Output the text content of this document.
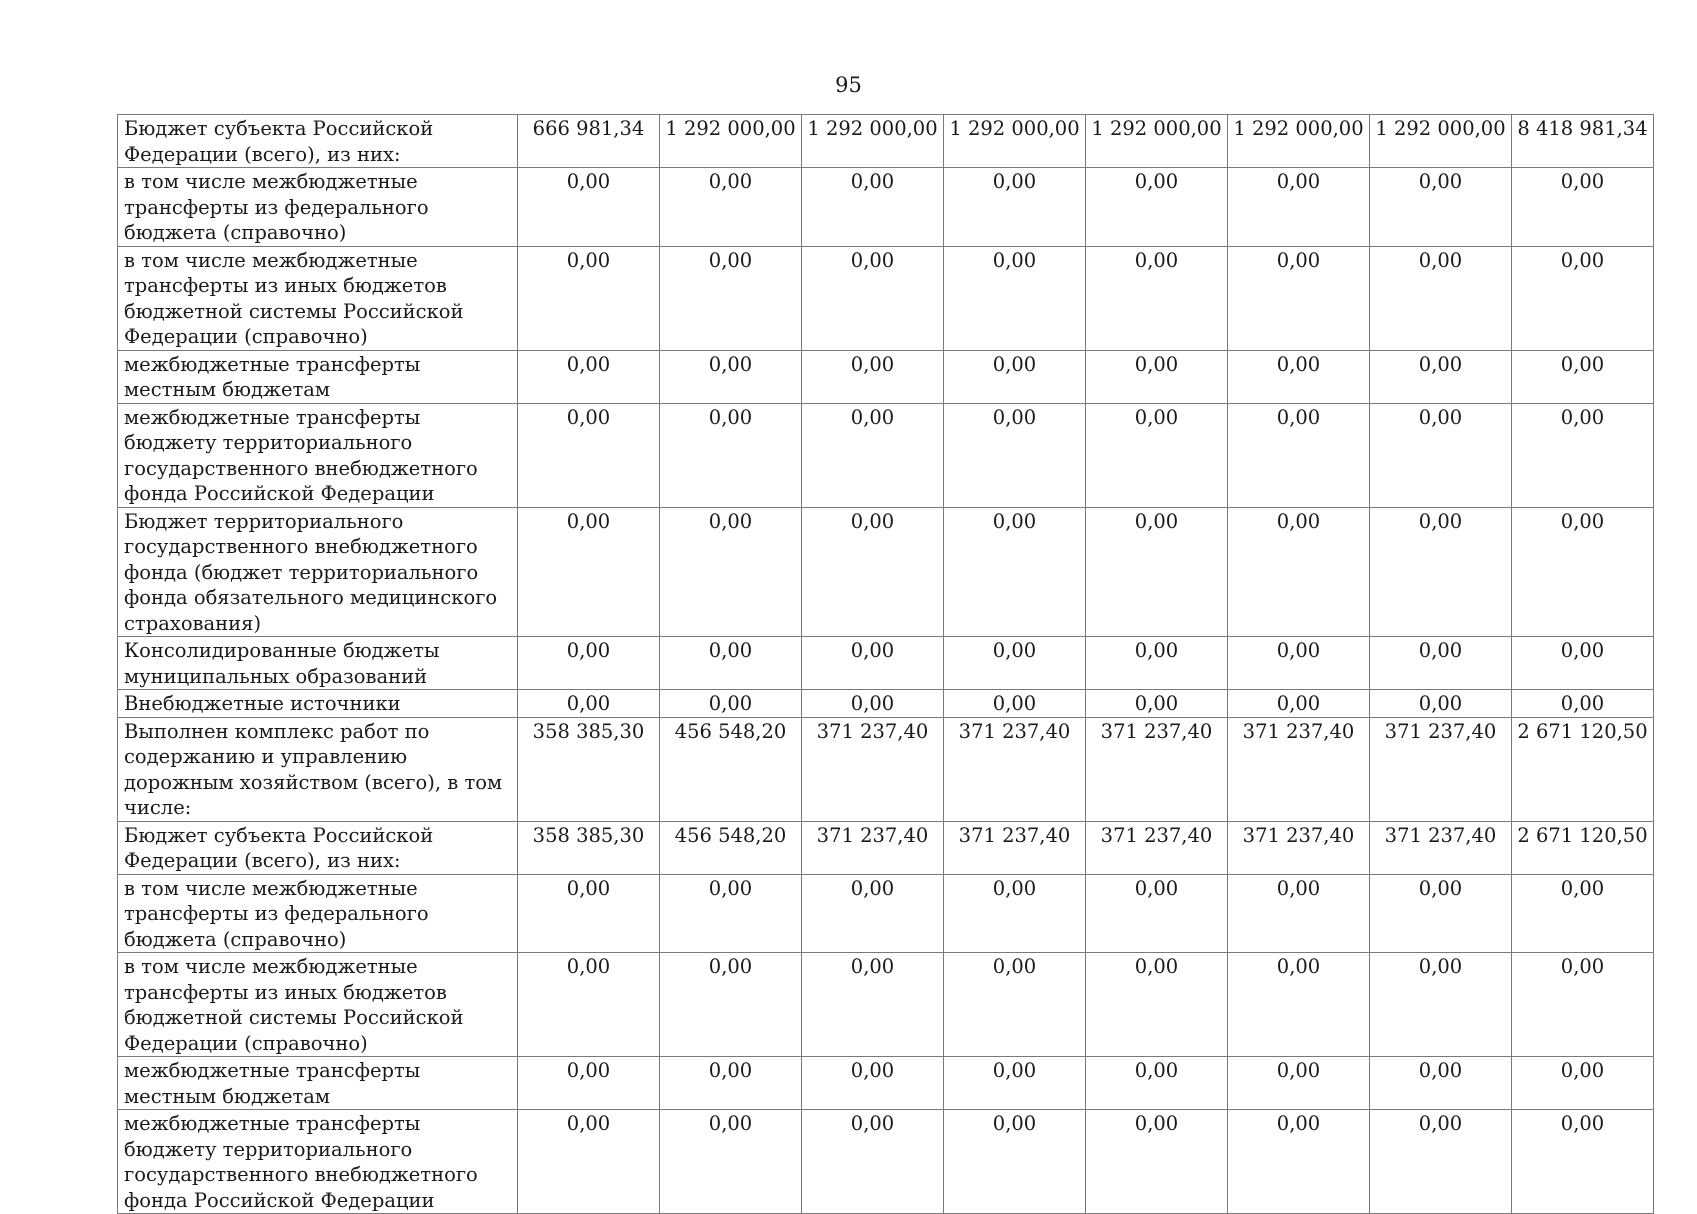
95
Бюджет субъекта Российской Федерации (всего), из них:	666 981,34	1 292 000,00	1 292 000,00	1 292 000,00	1 292 000,00	1 292 000,00	1 292 000,00	8 418 981,34
в том числе межбюджетные трансферты из федерального бюджета (справочно)	0,00	0,00	0,00	0,00	0,00	0,00	0,00	0,00
в том числе межбюджетные трансферты из иных бюджетов бюджетной системы Российской Федерации (справочно)	0,00	0,00	0,00	0,00	0,00	0,00	0,00	0,00
межбюджетные трансферты местным бюджетам	0,00	0,00	0,00	0,00	0,00	0,00	0,00	0,00
межбюджетные трансферты бюджету территориального государственного внебюджетного фонда Российской Федерации	0,00	0,00	0,00	0,00	0,00	0,00	0,00	0,00
Бюджет территориального государственного внебюджетного фонда (бюджет территориального фонда обязательного медицинского страхования)	0,00	0,00	0,00	0,00	0,00	0,00	0,00	0,00
Консолидированные бюджеты муниципальных образований	0,00	0,00	0,00	0,00	0,00	0,00	0,00	0,00
Внебюджетные источники	0,00	0,00	0,00	0,00	0,00	0,00	0,00	0,00
Выполнен комплекс работ по содержанию и управлению дорожным хозяйством (всего), в том числе:	358 385,30	456 548,20	371 237,40	371 237,40	371 237,40	371 237,40	371 237,40	2 671 120,50
Бюджет субъекта Российской Федерации (всего), из них:	358 385,30	456 548,20	371 237,40	371 237,40	371 237,40	371 237,40	371 237,40	2 671 120,50
в том числе межбюджетные трансферты из федерального бюджета (справочно)	0,00	0,00	0,00	0,00	0,00	0,00	0,00	0,00
в том числе межбюджетные трансферты из иных бюджетов бюджетной системы Российской Федерации (справочно)	0,00	0,00	0,00	0,00	0,00	0,00	0,00	0,00
межбюджетные трансферты местным бюджетам	0,00	0,00	0,00	0,00	0,00	0,00	0,00	0,00
межбюджетные трансферты бюджету территориального государственного внебюджетного фонда Российской Федерации	0,00	0,00	0,00	0,00	0,00	0,00	0,00	0,00
